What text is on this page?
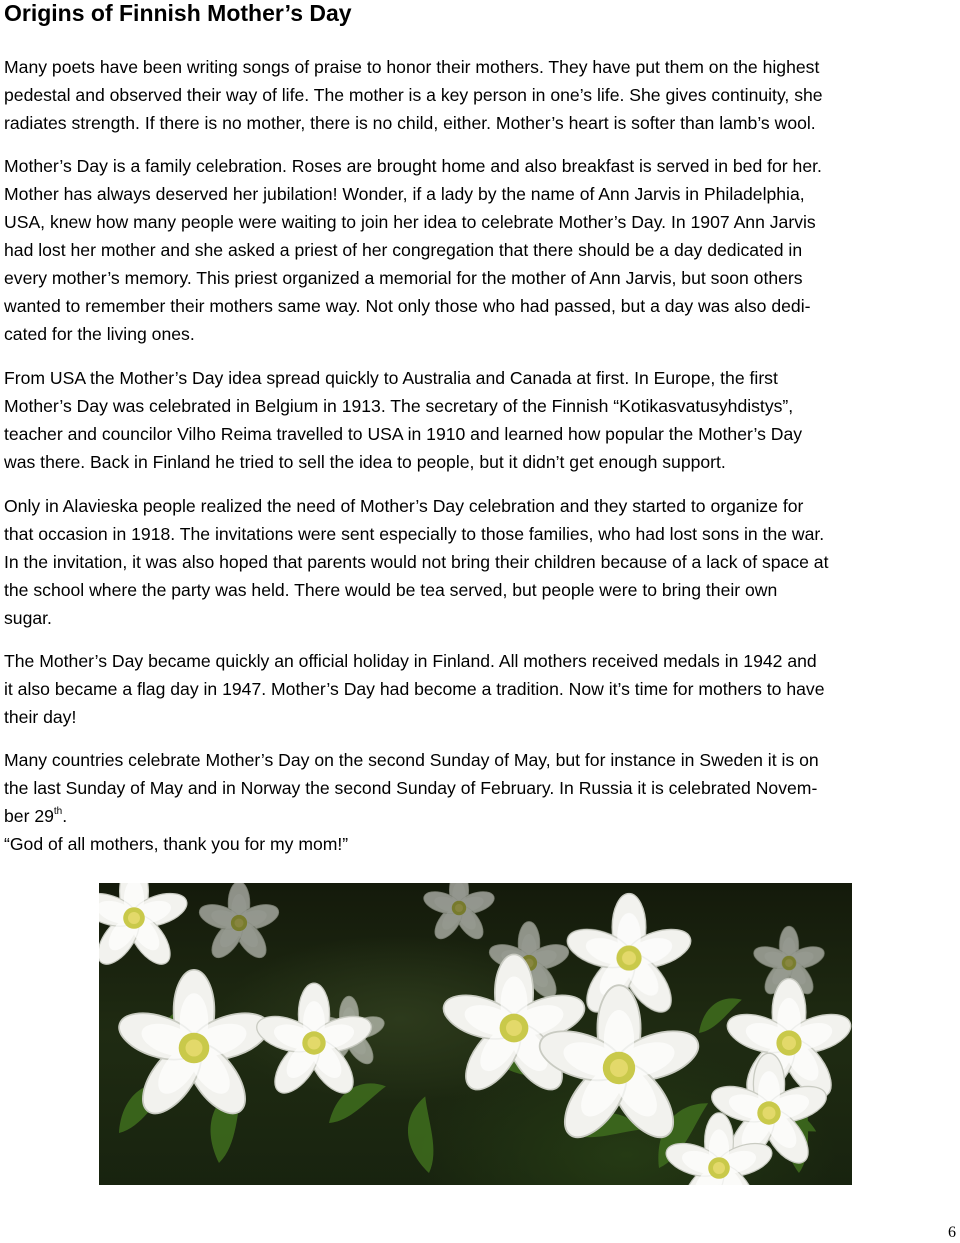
Origins of Finnish Mother’s Day

Many poets have been writing songs of praise to honor their mothers. They have put them on the highest
pedestal and observed their way of life. The mother is a key person in one’s life. She gives continuity, she
radiates strength. If there is no mother, there is no child, either. Mother’s heart is softer than lamb’s wool.

Mother’s Day is a family celebration. Roses are brought home and also breakfast is served in bed for her.
Mother has always deserved her jubilation! Wonder, if a lady by the name of Ann Jarvis in Philadelphia,
USA, knew how many people were waiting to join her idea to celebrate Mother’s Day. In 1907 Ann Jarvis
had lost her mother and she asked a priest of her congregation that there should be a day dedicated in
every mother’s memory. This priest organized a memorial for the mother of Ann Jarvis, but soon others
wanted to remember their mothers same way. Not only those who had passed, but a day was also dedi-
cated for the living ones.

From USA the Mother’s Day idea spread quickly to Australia and Canada at first. In Europe, the first
Mother’s Day was celebrated in Belgium in 1913. The secretary of the Finnish “Kotikasvatusyhdistys”,
teacher and councilor Vilho Reima travelled to USA in 1910 and learned how popular the Mother’s Day
was there. Back in Finland he tried to sell the idea to people, but it didn’t get enough support.

Only in Alavieska people realized the need of Mother’s Day celebration and they started to organize for
that occasion in 1918. The invitations were sent especially to those families, who had lost sons in the war.
In the invitation, it was also hoped that parents would not bring their children because of a lack of space at
the school where the party was held. There would be tea served, but people were to bring their own
sugar.

The Mother’s Day became quickly an official holiday in Finland. All mothers received medals in 1942 and
it also became a flag day in 1947. Mother’s Day had become a tradition. Now it’s time for mothers to have
their day!

Many countries celebrate Mother’s Day on the second Sunday of May, but for instance in Sweden it is on
the last Sunday of May and in Norway the second Sunday of February. In Russia it is celebrated Novem-
ber 29th.
“God of all mothers, thank you for my mom!”

6
